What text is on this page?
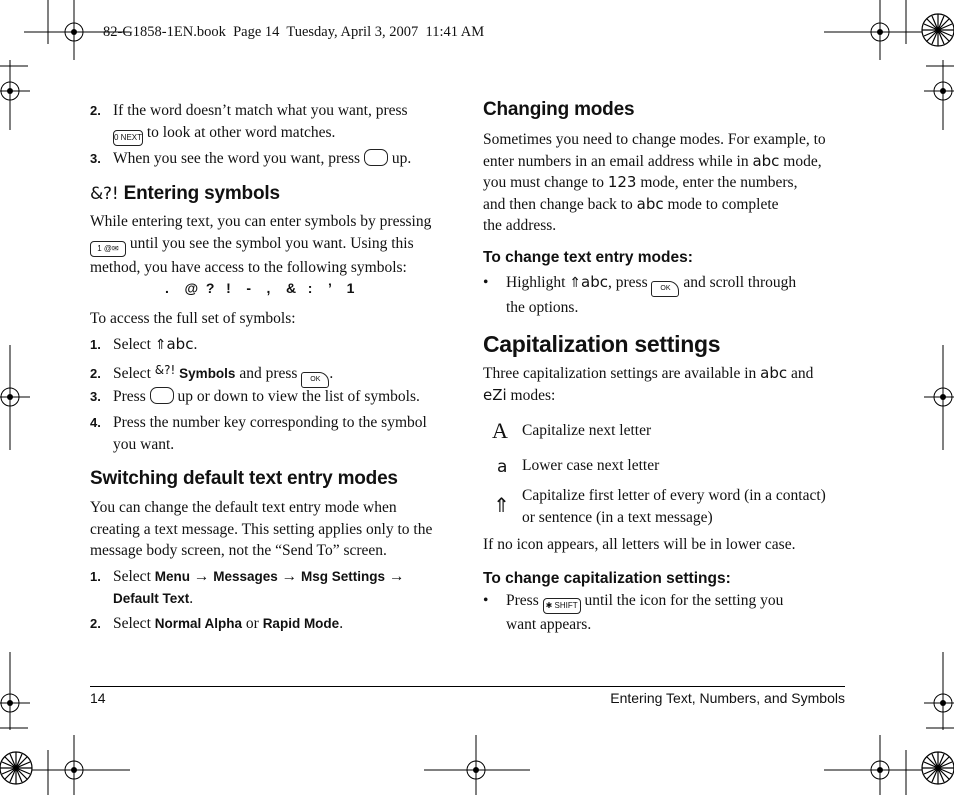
82-G1858-1EN.book  Page 14  Tuesday, April 3, 2007  11:41 AM
2. If the word doesn’t match what you want, press
0 NEXT to look at other word matches.
3. When you see the word you want, press up.
&?! Entering symbols
While entering text, you can enter symbols by pressing
1 @✉ until you see the symbol you want. Using this
method, you have access to the following symbols:
.    @  ?   !    -    ,    &   :    ’    1
To access the full set of symbols:
1. Select ⇑abc.
2. Select &?! Symbols and press OK .
3. Press up or down to view the list of symbols.
4. Press the number key corresponding to the symbol
you want.
Switching default text entry modes
You can change the default text entry mode when
creating a text message. This setting applies only to the
message body screen, not the “Send To” screen.
1. Select Menu → Messages → Msg Settings →
Default Text.
2. Select Normal Alpha or Rapid Mode.
Changing modes
Sometimes you need to change modes. For example, to
enter numbers in an email address while in abc mode,
you must change to 123 mode, enter the numbers,
and then change back to abc mode to complete
the address.
To change text entry modes:
• Highlight ⇑abc, press OK and scroll through
the options.
Capitalization settings
Three capitalization settings are available in abc and
eZi modes:
A Capitalize next letter
a Lower case next letter
⇑ Capitalize first letter of every word (in a contact)
or sentence (in a text message)
If no icon appears, all letters will be in lower case.
To change capitalization settings:
• Press ✱ SHIFT until the icon for the setting you
want appears.
14	Entering Text, Numbers, and Symbols
